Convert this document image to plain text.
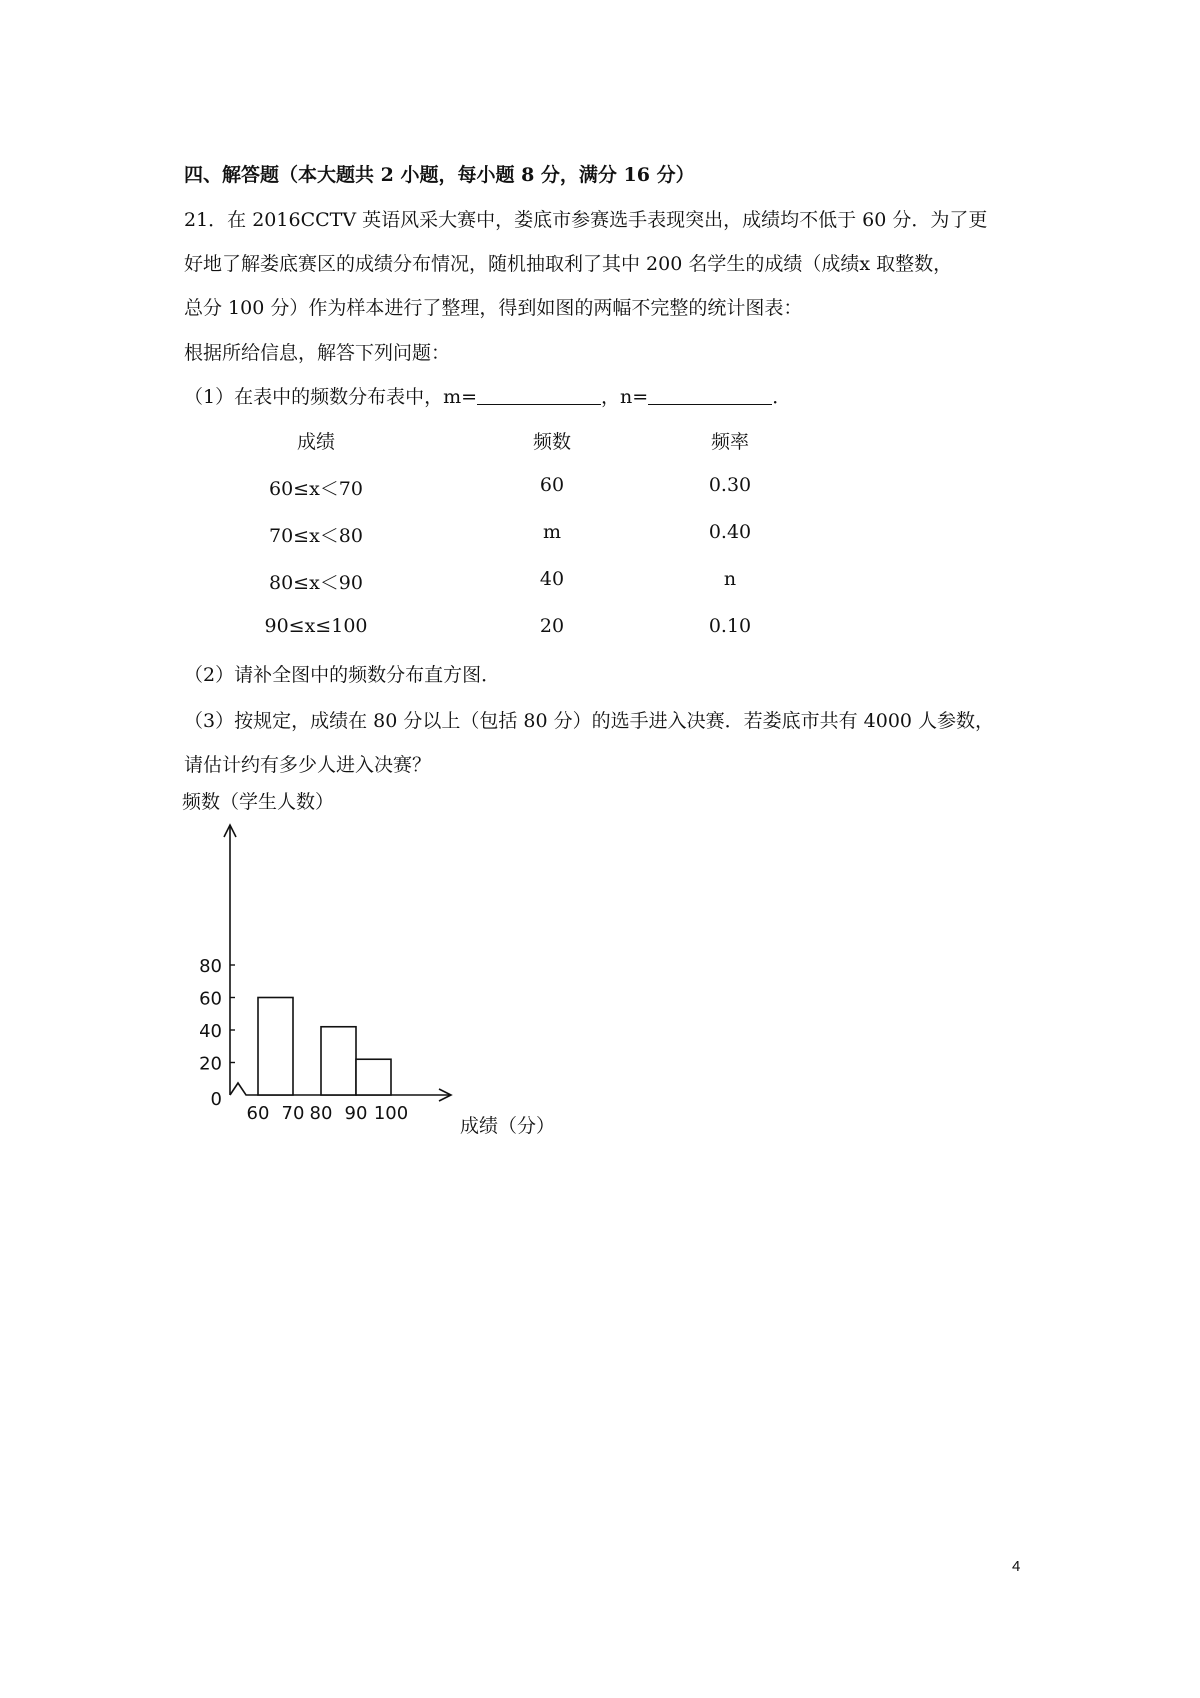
四、解答题（本大题共 2 小题，每小题 8 分，满分 16 分）
21．在 2016CCTV 英语风采大赛中，娄底市参赛选手表现突出，成绩均不低于 60 分．为了更
好地了解娄底赛区的成绩分布情况，随机抽取利了其中 200 名学生的成绩（成绩x 取整数，
总分 100 分）作为样本进行了整理，得到如图的两幅不完整的统计图表：
根据所给信息，解答下列问题：
（1）在表中的频数分布表中，m=	，n=	．
成绩	频数	频率
60≤x＜70	60	0.30
70≤x＜80	m	0.40
80≤x＜90	40	n
90≤x≤100	20	0.10
（2）请补全图中的频数分布直方图．
（3）按规定，成绩在 80 分以上（包括 80 分）的选手进入决赛．若娄底市共有 4000 人参数，
请估计约有多少人进入决赛？
频数（学生人数）
0
20
40
60
80
60 70 80 90 100
成绩（分）
4
